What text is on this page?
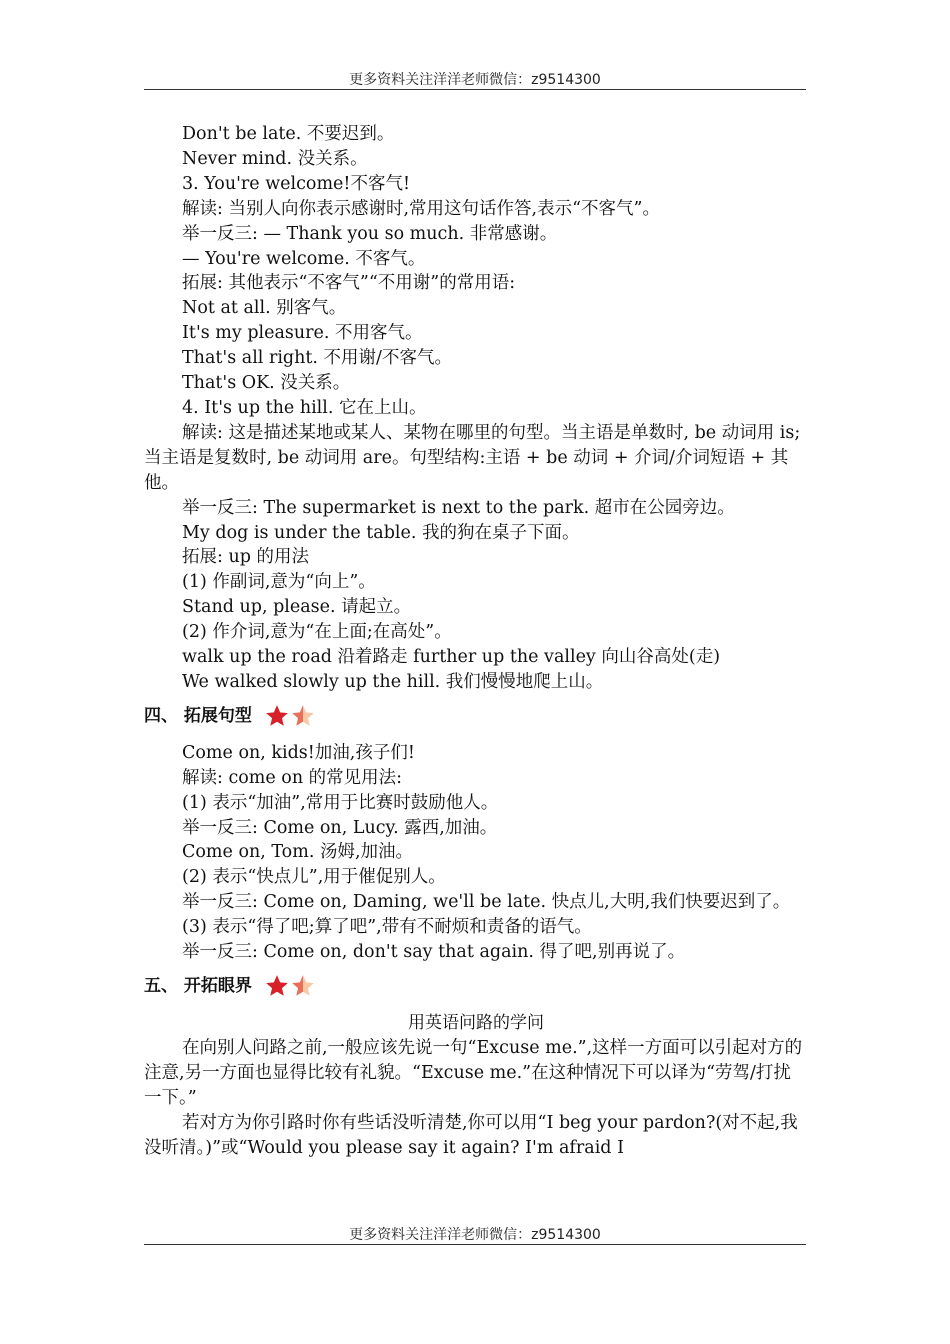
更多资料关注洋洋老师微信：z9514300
Don't be late. 不要迟到。
Never mind. 没关系。
3. You're welcome!不客气!
解读: 当别人向你表示感谢时,常用这句话作答,表示“不客气”。
举一反三: — Thank you so much. 非常感谢。
— You're welcome. 不客气。
拓展: 其他表示“不客气”“不用谢”的常用语:
Not at all. 别客气。
It's my pleasure. 不用客气。
That's all right. 不用谢/不客气。
That's OK. 没关系。
4. It's up the hill. 它在上山。
解读: 这是描述某地或某人、某物在哪里的句型。当主语是单数时, be 动词用 is;当主语是复数时, be 动词用 are。句型结构:主语 + be 动词 + 介词/介词短语 + 其他。
举一反三: The supermarket is next to the park. 超市在公园旁边。
My dog is under the table. 我的狗在桌子下面。
拓展: up 的用法
(1) 作副词,意为“向上”。
Stand up, please. 请起立。
(2) 作介词,意为“在上面;在高处”。
walk up the road 沿着路走 further up the valley 向山谷高处(走)
We walked slowly up the hill. 我们慢慢地爬上山。
四、 拓展句型
Come on, kids!加油,孩子们!
解读: come on 的常见用法:
(1) 表示“加油”,常用于比赛时鼓励他人。
举一反三: Come on, Lucy. 露西,加油。
Come on, Tom. 汤姆,加油。
(2) 表示“快点儿”,用于催促别人。
举一反三: Come on, Daming, we'll be late. 快点儿,大明,我们快要迟到了。
(3) 表示“得了吧;算了吧”,带有不耐烦和责备的语气。
举一反三: Come on, don't say that again. 得了吧,别再说了。
五、 开拓眼界
用英语问路的学问
在向别人问路之前,一般应该先说一句“Excuse me.”,这样一方面可以引起对方的注意,另一方面也显得比较有礼貌。“Excuse me.”在这种情况下可以译为“劳驾/打扰一下。”
若对方为你引路时你有些话没听清楚,你可以用“I beg your pardon?(对不起,我没听清。)”或“Would you please say it again? I'm afraid I
更多资料关注洋洋老师微信：z9514300
